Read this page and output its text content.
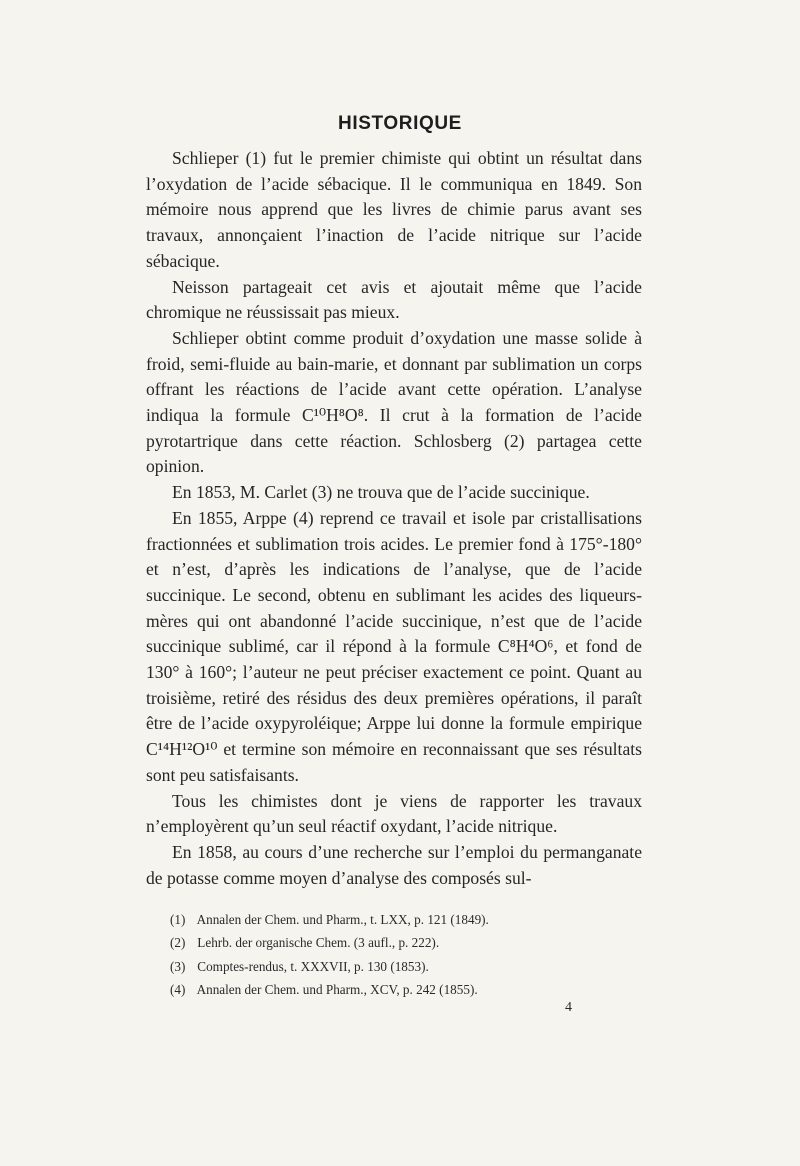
HISTORIQUE

Schlieper (1) fut le premier chimiste qui obtint un résultat dans l’oxydation de l’acide sébacique. Il le communiqua en 1849. Son mémoire nous apprend que les livres de chimie parus avant ses travaux, annonçaient l’inaction de l’acide nitrique sur l’acide sébacique.

Neisson partageait cet avis et ajoutait même que l’acide chromique ne réussissait pas mieux.

Schlieper obtint comme produit d’oxydation une masse solide à froid, semi-fluide au bain-marie, et donnant par sublimation un corps offrant les réactions de l’acide avant cette opération. L’analyse indiqua la formule C¹⁰H⁸O⁸. Il crut à la formation de l’acide pyrotartrique dans cette réaction. Schlosberg (2) partagea cette opinion.

En 1853, M. Carlet (3) ne trouva que de l’acide succinique.

En 1855, Arppe (4) reprend ce travail et isole par cristallisations fractionnées et sublimation trois acides. Le premier fond à 175°-180° et n’est, d’après les indications de l’analyse, que de l’acide succinique. Le second, obtenu en sublimant les acides des liqueurs-mères qui ont abandonné l’acide succinique, n’est que de l’acide succinique sublimé, car il répond à la formule C⁸H⁴O⁶, et fond de 130° à 160°; l’auteur ne peut préciser exactement ce point. Quant au troisième, retiré des résidus des deux premières opérations, il paraît être de l’acide oxypyroléique; Arppe lui donne la formule empirique C¹⁴H¹²O¹⁰ et termine son mémoire en reconnaissant que ses résultats sont peu satisfaisants.

Tous les chimistes dont je viens de rapporter les travaux n’employèrent qu’un seul réactif oxydant, l’acide nitrique.

En 1858, au cours d’une recherche sur l’emploi du permanganate de potasse comme moyen d’analyse des composés sul-

(1) Annalen der Chem. und Pharm., t. LXX, p. 121 (1849).
(2) Lehrb. der organische Chem. (3 aufl., p. 222).
(3) Comptes-rendus, t. XXXVII, p. 130 (1853).
(4) Annalen der Chem. und Pharm., XCV, p. 242 (1855).
4
